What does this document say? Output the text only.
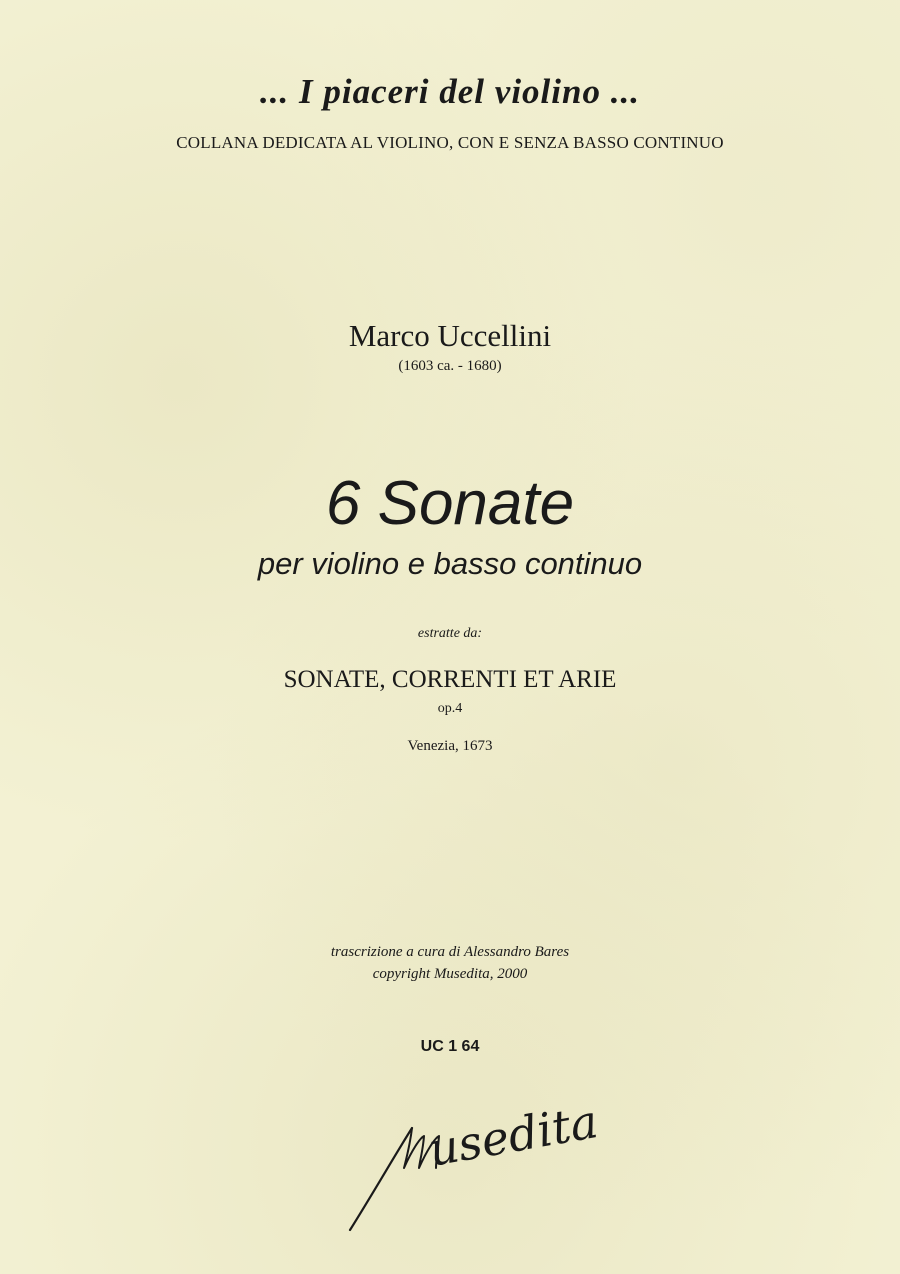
... I piaceri del violino ...
COLLANA DEDICATA AL VIOLINO, CON E SENZA BASSO CONTINUO
Marco Uccellini
(1603 ca. - 1680)
6 Sonate
per violino e basso continuo
estratte da:
SONATE, CORRENTI ET ARIE
op.4
Venezia, 1673
trascrizione a cura di Alessandro Bares
copyright Musedita, 2000
UC 1 64
usedita
